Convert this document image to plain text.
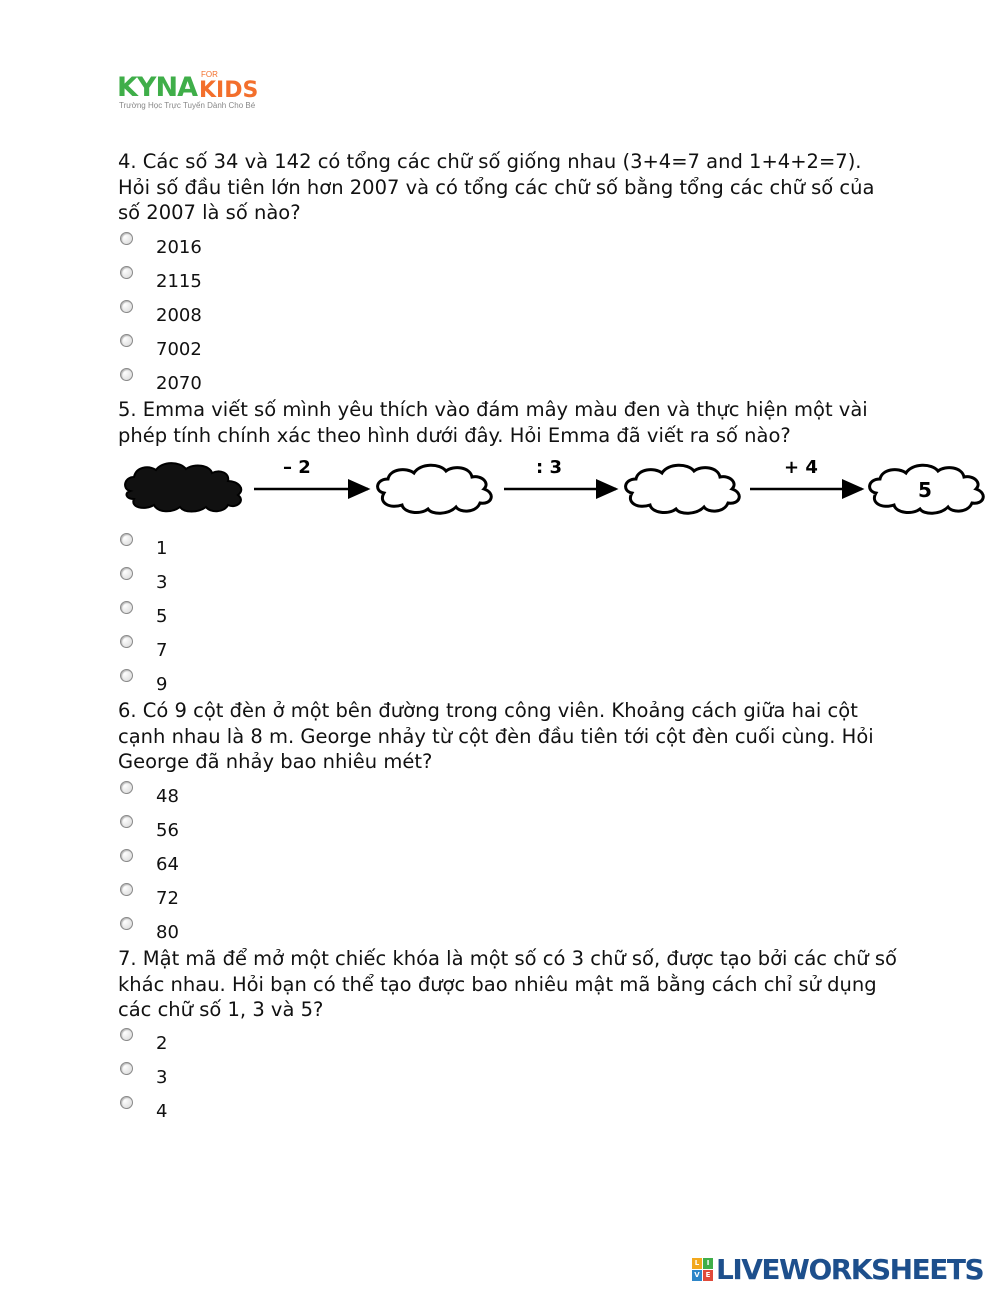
KYNA FOR
KIDS
Trường Học Trực Tuyến Dành Cho Bé
4. Các số 34 và 142 có tổng các chữ số giống nhau (3+4=7 and 1+4+2=7). Hỏi số đầu tiên lớn hơn 2007 và có tổng các chữ số bằng tổng các chữ số của số 2007 là số nào?
2016
2115
2008
7002
2070
5. Emma viết số mình yêu thích vào đám mây màu đen và thực hiện một vài phép tính chính xác theo hình dưới đây. Hỏi Emma đã viết ra số nào?
– 2	: 3	+ 4
5
1
3
5
7
9
6. Có 9 cột đèn ở một bên đường trong công viên. Khoảng cách giữa hai cột cạnh nhau là 8 m. George nhảy từ cột đèn đầu tiên tới cột đèn cuối cùng. Hỏi George đã nhảy bao nhiêu mét?
48
56
64
72
80
7. Mật mã để mở một chiếc khóa là một số có 3 chữ số, được tạo bởi các chữ số khác nhau. Hỏi bạn có thể tạo được bao nhiêu mật mã bằng cách chỉ sử dụng các chữ số 1, 3 và 5?
2
3
4
L	I
V E LIVEWORKSHEETS
